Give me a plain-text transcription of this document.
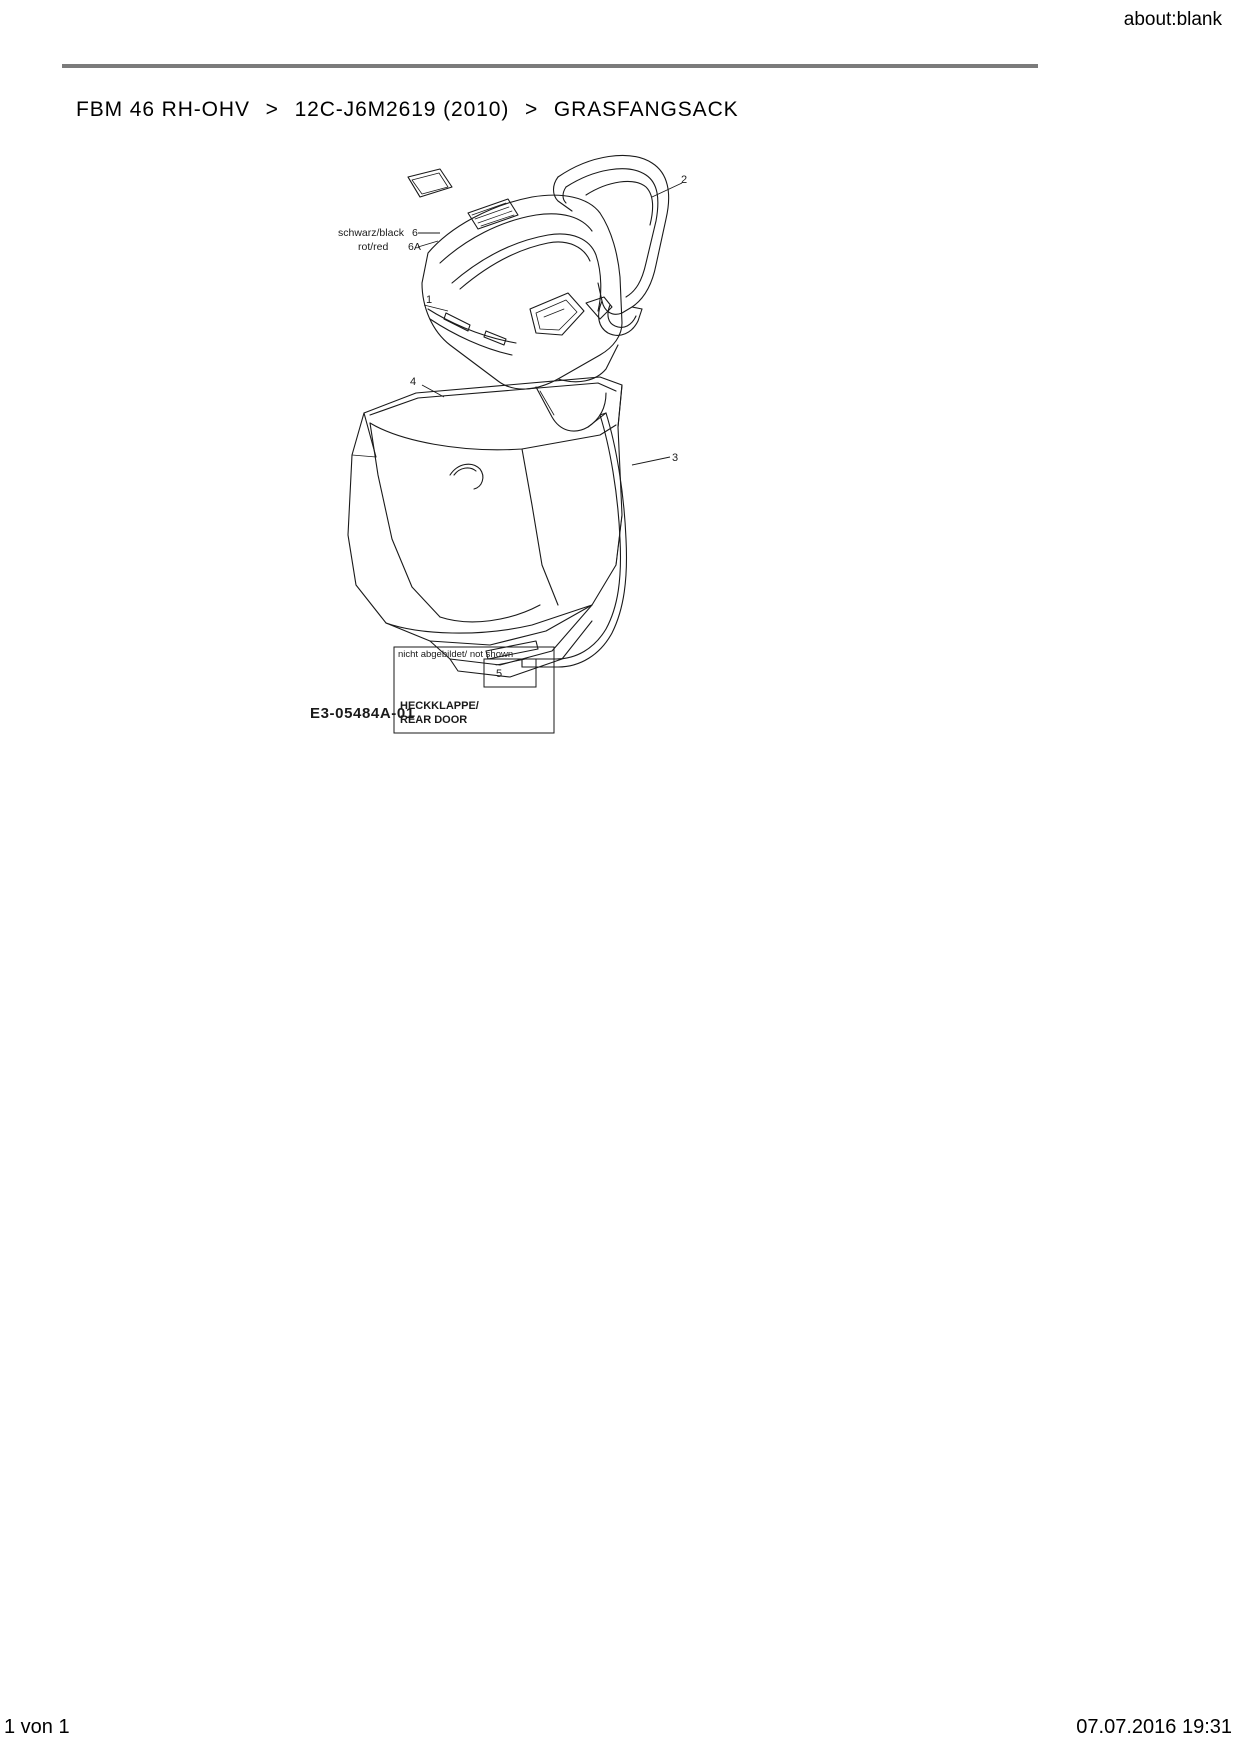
about:blank
FBM 46 RH-OHV > 12C-J6M2619 (2010) > GRASFANGSACK
1
2
3
4
5
schwarz/black 6
rot/red 6A
nicht abgebildet/ not shown
HECKKLAPPE/
REAR DOOR
E3-05484A-01
1 von 1	07.07.2016 19:31
